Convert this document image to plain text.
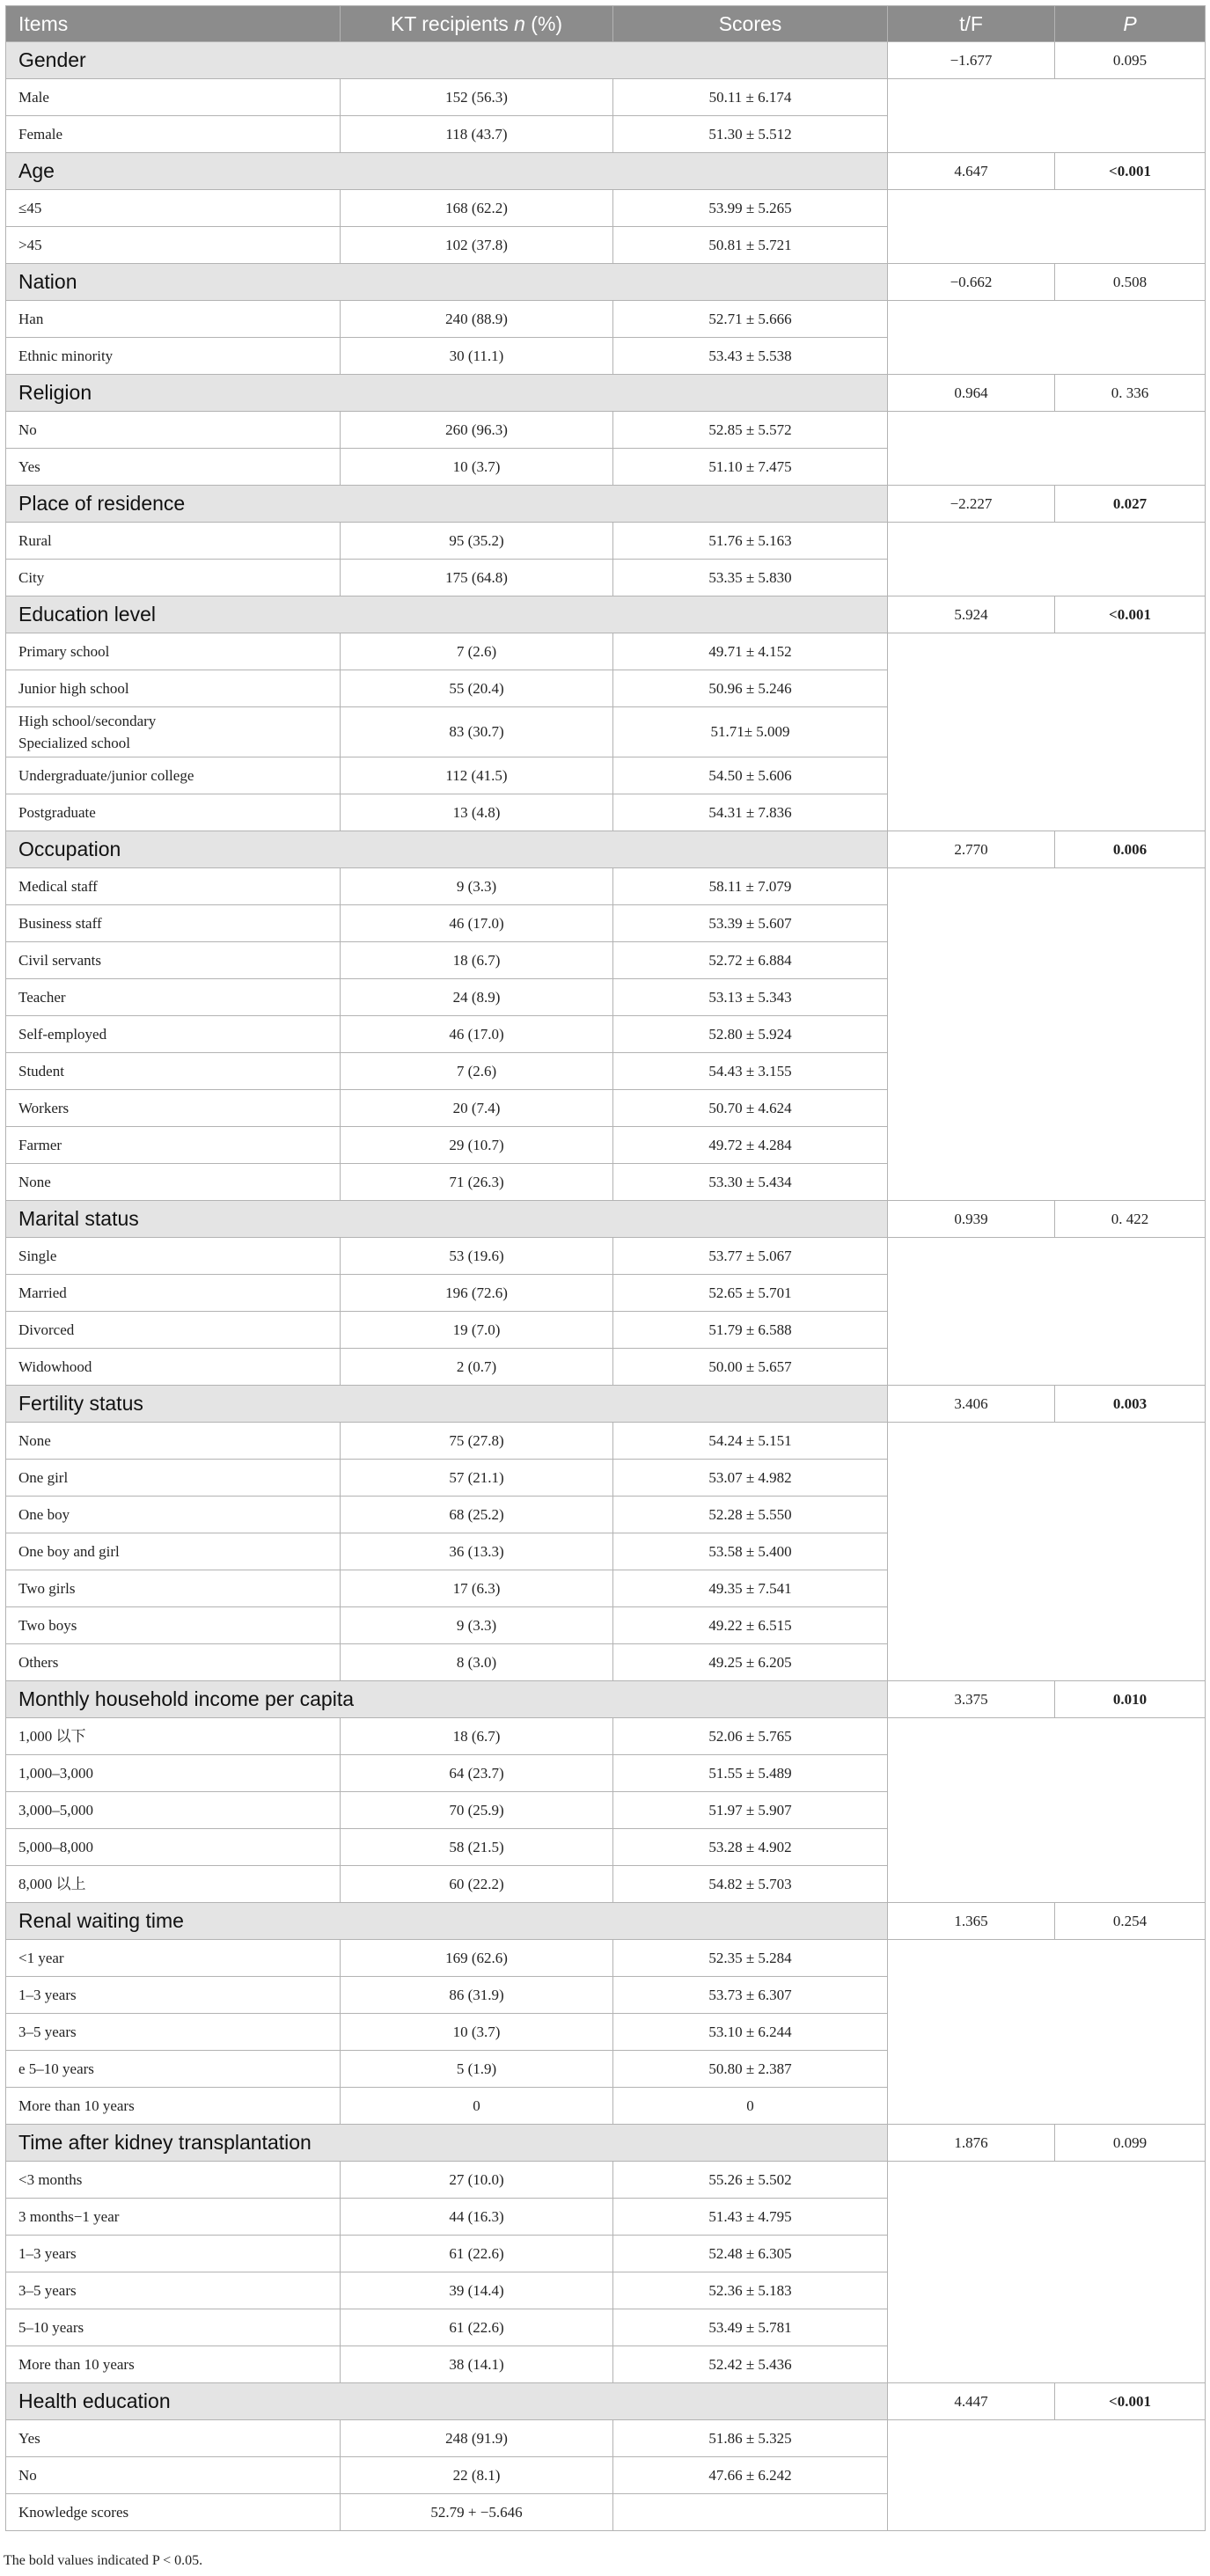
Items	KT recipients n (%)	Scores	t/F	P
Gender			−1.677	0.095
Male	152 (56.3)	50.11 ± 6.174		
Female	118 (43.7)	51.30 ± 5.512		
Age			4.647	<0.001
≤45	168 (62.2)	53.99 ± 5.265		
>45	102 (37.8)	50.81 ± 5.721		
Nation			−0.662	0.508
Han	240 (88.9)	52.71 ± 5.666		
Ethnic minority	30 (11.1)	53.43 ± 5.538		
Religion			0.964	0. 336
No	260 (96.3)	52.85 ± 5.572		
Yes	10 (3.7)	51.10 ± 7.475		
Place of residence			−2.227	0.027
Rural	95 (35.2)	51.76 ± 5.163		
City	175 (64.8)	53.35 ± 5.830		
Education level			5.924	<0.001
Primary school	7 (2.6)	49.71 ± 4.152		
Junior high school	55 (20.4)	50.96 ± 5.246		

High school/secondary
Specialized school	83 (30.7)	51.71± 5.009		
Undergraduate/junior college	112 (41.5)	54.50 ± 5.606		
Postgraduate	13 (4.8)	54.31 ± 7.836		
Occupation			2.770	0.006
Medical staff	9 (3.3)	58.11 ± 7.079		
Business staff	46 (17.0)	53.39 ± 5.607		
Civil servants	18 (6.7)	52.72 ± 6.884		
Teacher	24 (8.9)	53.13 ± 5.343		
Self-employed	46 (17.0)	52.80 ± 5.924		
Student	7 (2.6)	54.43 ± 3.155		
Workers	20 (7.4)	50.70 ± 4.624		
Farmer	29 (10.7)	49.72 ± 4.284		
None	71 (26.3)	53.30 ± 5.434		
Marital status			0.939	0. 422
Single	53 (19.6)	53.77 ± 5.067		
Married	196 (72.6)	52.65 ± 5.701		
Divorced	19 (7.0)	51.79 ± 6.588		
Widowhood	2 (0.7)	50.00 ± 5.657		
Fertility status			3.406	0.003
None	75 (27.8)	54.24 ± 5.151		
One girl	57 (21.1)	53.07 ± 4.982		
One boy	68 (25.2)	52.28 ± 5.550		
One boy and girl	36 (13.3)	53.58 ± 5.400		
Two girls	17 (6.3)	49.35 ± 7.541		
Two boys	9 (3.3)	49.22 ± 6.515		
Others	8 (3.0)	49.25 ± 6.205		
Monthly household income per capita			3.375	0.010
1,000 以下	18 (6.7)	52.06 ± 5.765		
1,000–3,000	64 (23.7)	51.55 ± 5.489		
3,000–5,000	70 (25.9)	51.97 ± 5.907		
5,000–8,000	58 (21.5)	53.28 ± 4.902		
8,000 以上	60 (22.2)	54.82 ± 5.703		
Renal waiting time			1.365	0.254
<1 year	169 (62.6)	52.35 ± 5.284		
1–3 years	86 (31.9)	53.73 ± 6.307		
3–5 years	10 (3.7)	53.10 ± 6.244		
e 5–10 years	5 (1.9)	50.80 ± 2.387		
More than 10 years	0	0		
Time after kidney transplantation			1.876	0.099
<3 months	27 (10.0)	55.26 ± 5.502		
3 months−1 year	44 (16.3)	51.43 ± 4.795		
1–3 years	61 (22.6)	52.48 ± 6.305		
3–5 years	39 (14.4)	52.36 ± 5.183		
5–10 years	61 (22.6)	53.49 ± 5.781		
More than 10 years	38 (14.1)	52.42 ± 5.436		
Health education			4.447	<0.001
Yes	248 (91.9)	51.86 ± 5.325		
No	22 (8.1)	47.66 ± 6.242		
Knowledge scores	52.79 + −5.646			
The bold values indicated P < 0.05.
